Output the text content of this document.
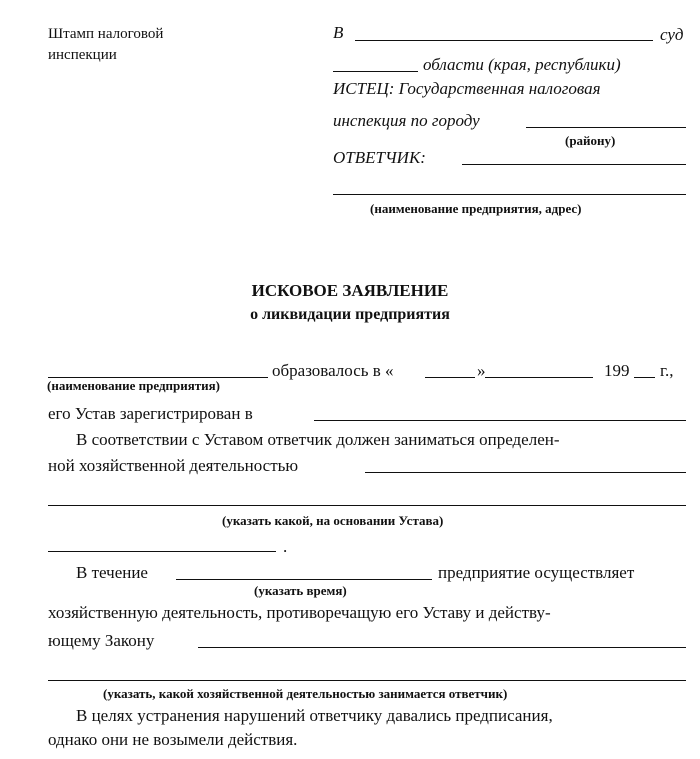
Штамп налоговой
инспекции
В	суд
области (края, республики)
ИСТЕЦ: Государственная налоговая
инспекция по городу
(району)
ОТВЕТЧИК:
(наименование предприятия, адрес)
ИСКОВОЕ ЗАЯВЛЕНИЕ
о ликвидации предприятия
образовалось в «	»	199 г.,
(наименование предприятия)
его Устав зарегистрирован в
В соответствии с Уставом ответчик должен заниматься определен-
ной хозяйственной деятельностью
(указать какой, на основании Устава)
.
В течение	предприятие осуществляет
(указать время)
хозяйственную деятельность, противоречащую его Уставу и действу-
ющему Закону
(указать, какой хозяйственной деятельностью занимается ответчик)
В целях устранения нарушений ответчику давались предписания,
однако они не возымели действия.
